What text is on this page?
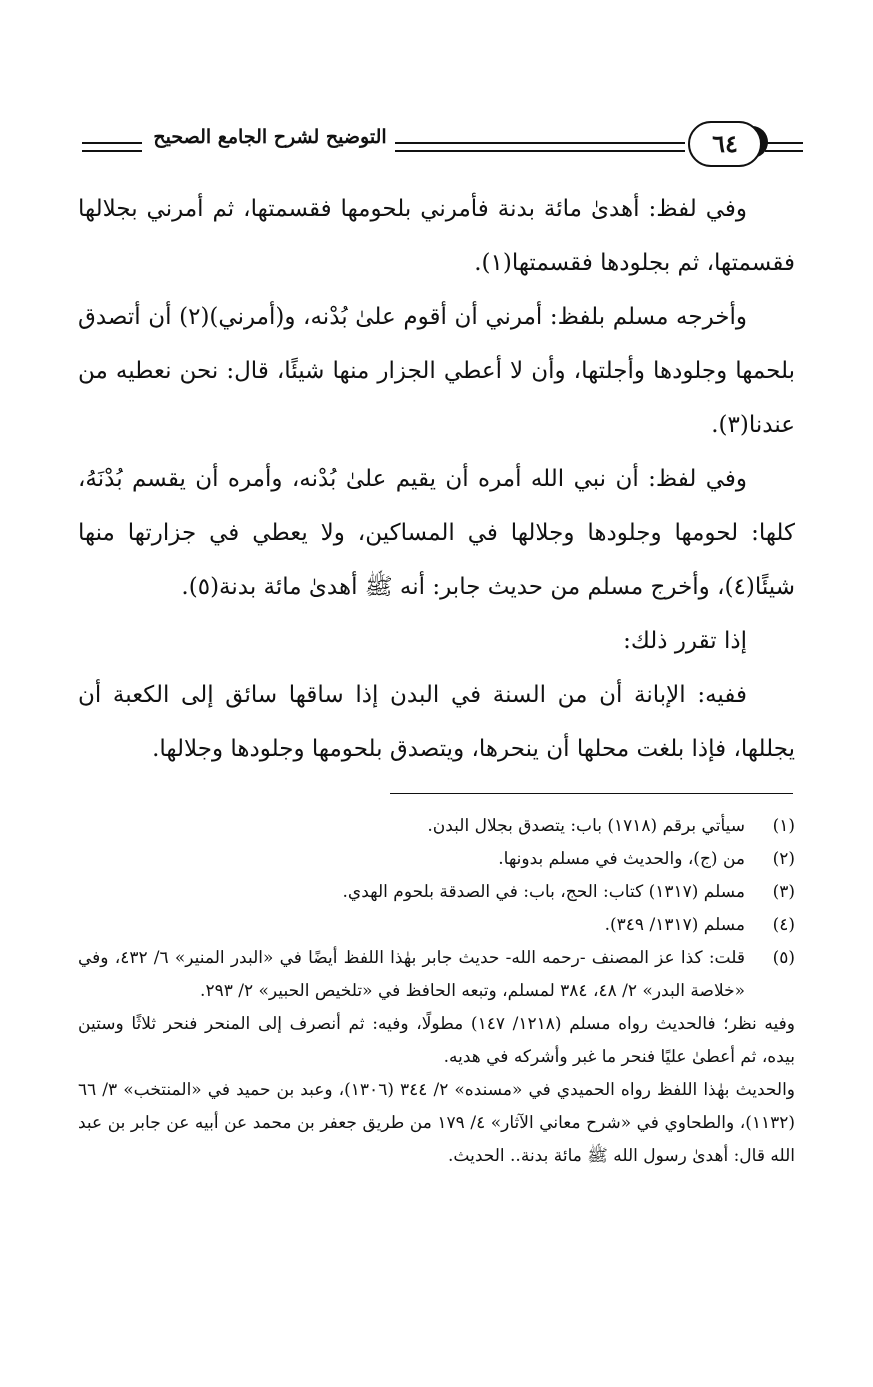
التوضيح لشرح الجامع الصحيح	٦٤

وفي لفظ: أهدىٰ مائة بدنة فأمرني بلحومها فقسمتها، ثم أمرني بجلالها فقسمتها، ثم بجلودها فقسمتها(١).

وأخرجه مسلم بلفظ: أمرني أن أقوم علىٰ بُدْنه، و(أمرني)(٢) أن أتصدق بلحمها وجلودها وأجلتها، وأن لا أعطي الجزار منها شيئًا، قال: نحن نعطيه من عندنا(٣).

وفي لفظ: أن نبي الله أمره أن يقيم علىٰ بُدْنه، وأمره أن يقسم بُدْنَهُ، كلها: لحومها وجلودها وجلالها في المساكين، ولا يعطي في جزارتها منها شيئًا(٤)، وأخرج مسلم من حديث جابر: أنه ﷺ أهدىٰ مائة بدنة(٥).

إذا تقرر ذلك:

ففيه: الإبانة أن من السنة في البدن إذا ساقها سائق إلى الكعبة أن يجللها، فإذا بلغت محلها أن ينحرها، ويتصدق بلحومها وجلودها وجلالها.

(١)
سيأتي برقم (١٧١٨) باب: يتصدق بجلال البدن.
(٢)
من (ج)، والحديث في مسلم بدونها.
(٣)
مسلم (١٣١٧) كتاب: الحج، باب: في الصدقة بلحوم الهدي.
(٤)
مسلم (١٣١٧/ ٣٤٩).
(٥)
قلت: كذا عز المصنف -رحمه الله- حديث جابر بهٰذا اللفظ أيضًا في «البدر المنير» ٦/ ٤٣٢، وفي «خلاصة البدر» ٢/ ٤٨، ٣٨٤ لمسلم، وتبعه الحافظ في «تلخيص الحبير» ٢/ ٢٩٣.

وفيه نظر؛ فالحديث رواه مسلم (١٢١٨/ ١٤٧) مطولًا، وفيه: ثم أنصرف إلى المنحر فنحر ثلاثًا وستين بيده، ثم أعطىٰ عليًا فنحر ما غبر وأشركه في هديه.

والحديث بهٰذا اللفظ رواه الحميدي في «مسنده» ٢/ ٣٤٤ (١٣٠٦)، وعبد بن حميد في «المنتخب» ٣/ ٦٦ (١١٣٢)، والطحاوي في «شرح معاني الآثار» ٤/ ١٧٩ من طريق جعفر بن محمد عن أبيه عن جابر بن عبد الله قال: أهدىٰ رسول الله ﷺ مائة بدنة.. الحديث.
